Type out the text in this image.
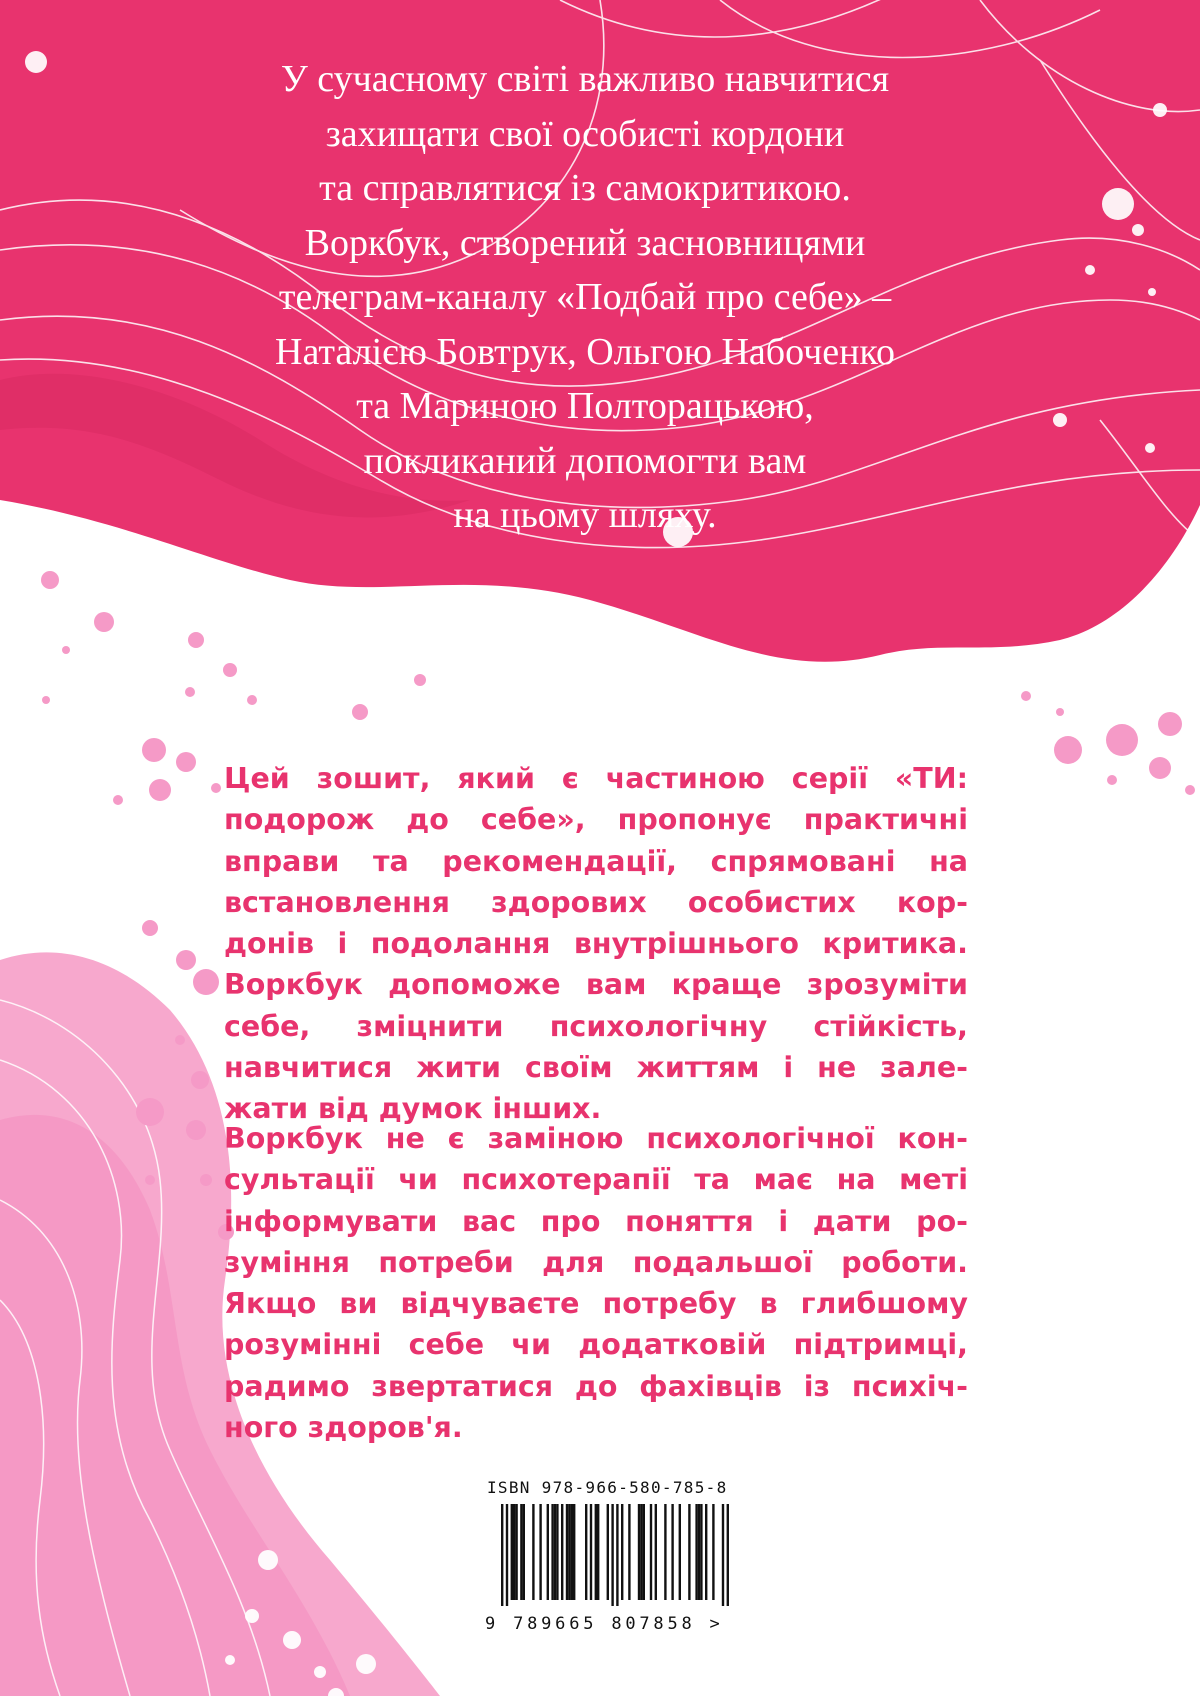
У сучасному світі важливо навчитися
захищати свої особисті кордони
та справлятися із самокритикою.
Воркбук, створений засновницями
телеграм-каналу «Подбай про себе» –
Наталією Бовтрук, Ольгою Набоченко
та Мариною Полторацькою,
покликаний допомогти вам
на цьому шляху.
Цей зошит, який є частиною серії «ТИ:
подорож до себе», пропонує практичні
вправи та рекомендації, спрямовані на
встановлення здорових особистих кор-
донів і подолання внутрішнього критика.
Воркбук допоможе вам краще зрозуміти
себе, зміцнити психологічну стійкість,
навчитися жити своїм життям і не зале-
жати від думок інших.
Воркбук не є заміною психологічної кон-
сультації чи психотерапії та має на меті
інформувати вас про поняття і дати ро-
зуміння потреби для подальшої роботи.
Якщо ви відчуваєте потребу в глибшому
розумінні себе чи додатковій підтримці,
радимо звертатися до фахівців із психіч-
ного здоров'я.
ISBN 978-966-580-785-8
9 789665 807858 >
